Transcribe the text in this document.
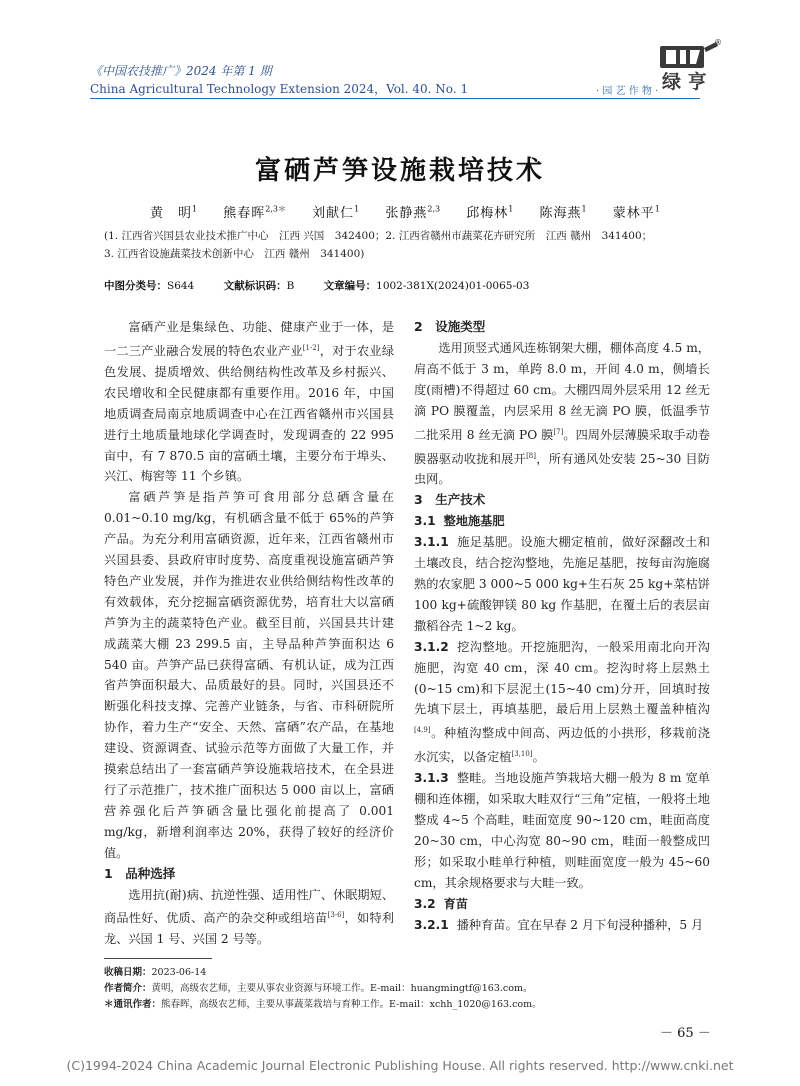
《中国农技推广》2024 年第 1 期
China Agricultural Technology Extension 2024，Vol. 40. No. 1	· 园 艺 作 物 ·
®
绿 亨
富硒芦笋设施栽培技术
黄　明$^1$ 熊春晖$^{2,3*}$ 刘献仁$^1$ 张静燕$^{2,3}$ 邱梅林$^1$ 陈海燕$^1$ 蒙林平$^1$
(1. 江西省兴国县农业技术推广中心　江西 兴国　342400；2. 江西省赣州市蔬菜花卉研究所　江西 赣州　341400；
3. 江西省设施蔬菜技术创新中心　江西 赣州　341400)
中图分类号：S644	文献标识码：B	文章编号：1002-381X(2024)01-0065-03

富硒产业是集绿色、功能、健康产业于一体，是一二三产业融合发展的特色农业产业[1-2]，对于农业绿色发展、提质增效、供给侧结构性改革及乡村振兴、农民增收和全民健康都有重要作用。2016 年，中国地质调查局南京地质调查中心在江西省赣州市兴国县进行土地质量地球化学调查时，发现调查的 22 995 亩中，有 7 870.5 亩的富硒土壤，主要分布于埠头、兴江、梅窖等 11 个乡镇。

富硒芦笋是指芦笋可食用部分总硒含量在 0.01~0.10 mg/kg，有机硒含量不低于 65%的芦笋产品。为充分利用富硒资源，近年来，江西省赣州市兴国县委、县政府审时度势、高度重视设施富硒芦笋特色产业发展，并作为推进农业供给侧结构性改革的有效载体，充分挖掘富硒资源优势，培育壮大以富硒芦笋为主的蔬菜特色产业。截至目前，兴国县共计建成蔬菜大棚 23 299.5 亩，主导品种芦笋面积达 6 540 亩。芦笋产品已获得富硒、有机认证，成为江西省芦笋面积最大、品质最好的县。同时，兴国县还不断强化科技支撑、完善产业链条，与省、市科研院所协作，着力生产“安全、天然、富硒”农产品，在基地建设、资源调查、试验示范等方面做了大量工作，并摸索总结出了一套富硒芦笋设施栽培技术，在全县进行了示范推广，技术推广面积达 5 000 亩以上，富硒营养强化后芦笋硒含量比强化前提高了 0.001 mg/kg，新增利润率达 20%，获得了较好的经济价值。

1　品种选择

选用抗(耐)病、抗逆性强、适用性广、休眠期短、商品性好、优质、高产的杂交种或组培苗[3-6]，如特利龙、兴国 1 号、兴国 2 号等。

2　设施类型

选用顶竖式通风连栋钢架大棚，棚体高度 4.5 m，肩高不低于 3 m，单跨 8.0 m，开间 4.0 m，侧墙长度(雨槽)不得超过 60 cm。大棚四周外层采用 12 丝无滴 PO 膜覆盖，内层采用 8 丝无滴 PO 膜，低温季节二批采用 8 丝无滴 PO 膜[7]。四周外层薄膜采取手动卷膜器驱动收拢和展开[8]，所有通风处安装 25~30 目防虫网。

3　生产技术
3.1 整地施基肥

3.1.1 施足基肥。设施大棚定植前，做好深翻改土和土壤改良，结合挖沟整地，先施足基肥，按每亩沟施腐熟的农家肥 3 000~5 000 kg+生石灰 25 kg+菜枯饼 100 kg+硫酸钾镁 80 kg 作基肥，在覆土后的表层亩撒稻谷壳 1~2 kg。

3.1.2 挖沟整地。开挖施肥沟，一般采用南北向开沟施肥，沟宽 40 cm，深 40 cm。挖沟时将上层熟土(0~15 cm)和下层泥土(15~40 cm)分开，回填时按先填下层土，再填基肥，最后用上层熟土覆盖种植沟[4,9]。种植沟整成中间高、两边低的小拱形，移栽前浇水沉实，以备定植[3,10]。

3.1.3 整畦。当地设施芦笋栽培大棚一般为 8 m 宽单棚和连体棚，如采取大畦双行“三角”定植，一般将土地整成 4~5 个高畦，畦面宽度 90~120 cm，畦面高度 20~30 cm，中心沟宽 80~90 cm，畦面一般整成凹形；如采取小畦单行种植，则畦面宽度一般为 45~60 cm，其余规格要求与大畦一致。

3.2 育苗

3.2.1 播种育苗。宜在早春 2 月下旬浸种播种，5 月

收稿日期：2023-06-14
作者简介：黄明，高级农艺师，主要从事农业资源与环境工作。E-mail：huangmingtf@163.com。
＊通讯作者：熊春晖，高级农艺师，主要从事蔬菜栽培与育种工作。E-mail：xchh_1020@163.com。
－ 65 －
(C)1994-2024 China Academic Journal Electronic Publishing House. All rights reserved. http://www.cnki.net
